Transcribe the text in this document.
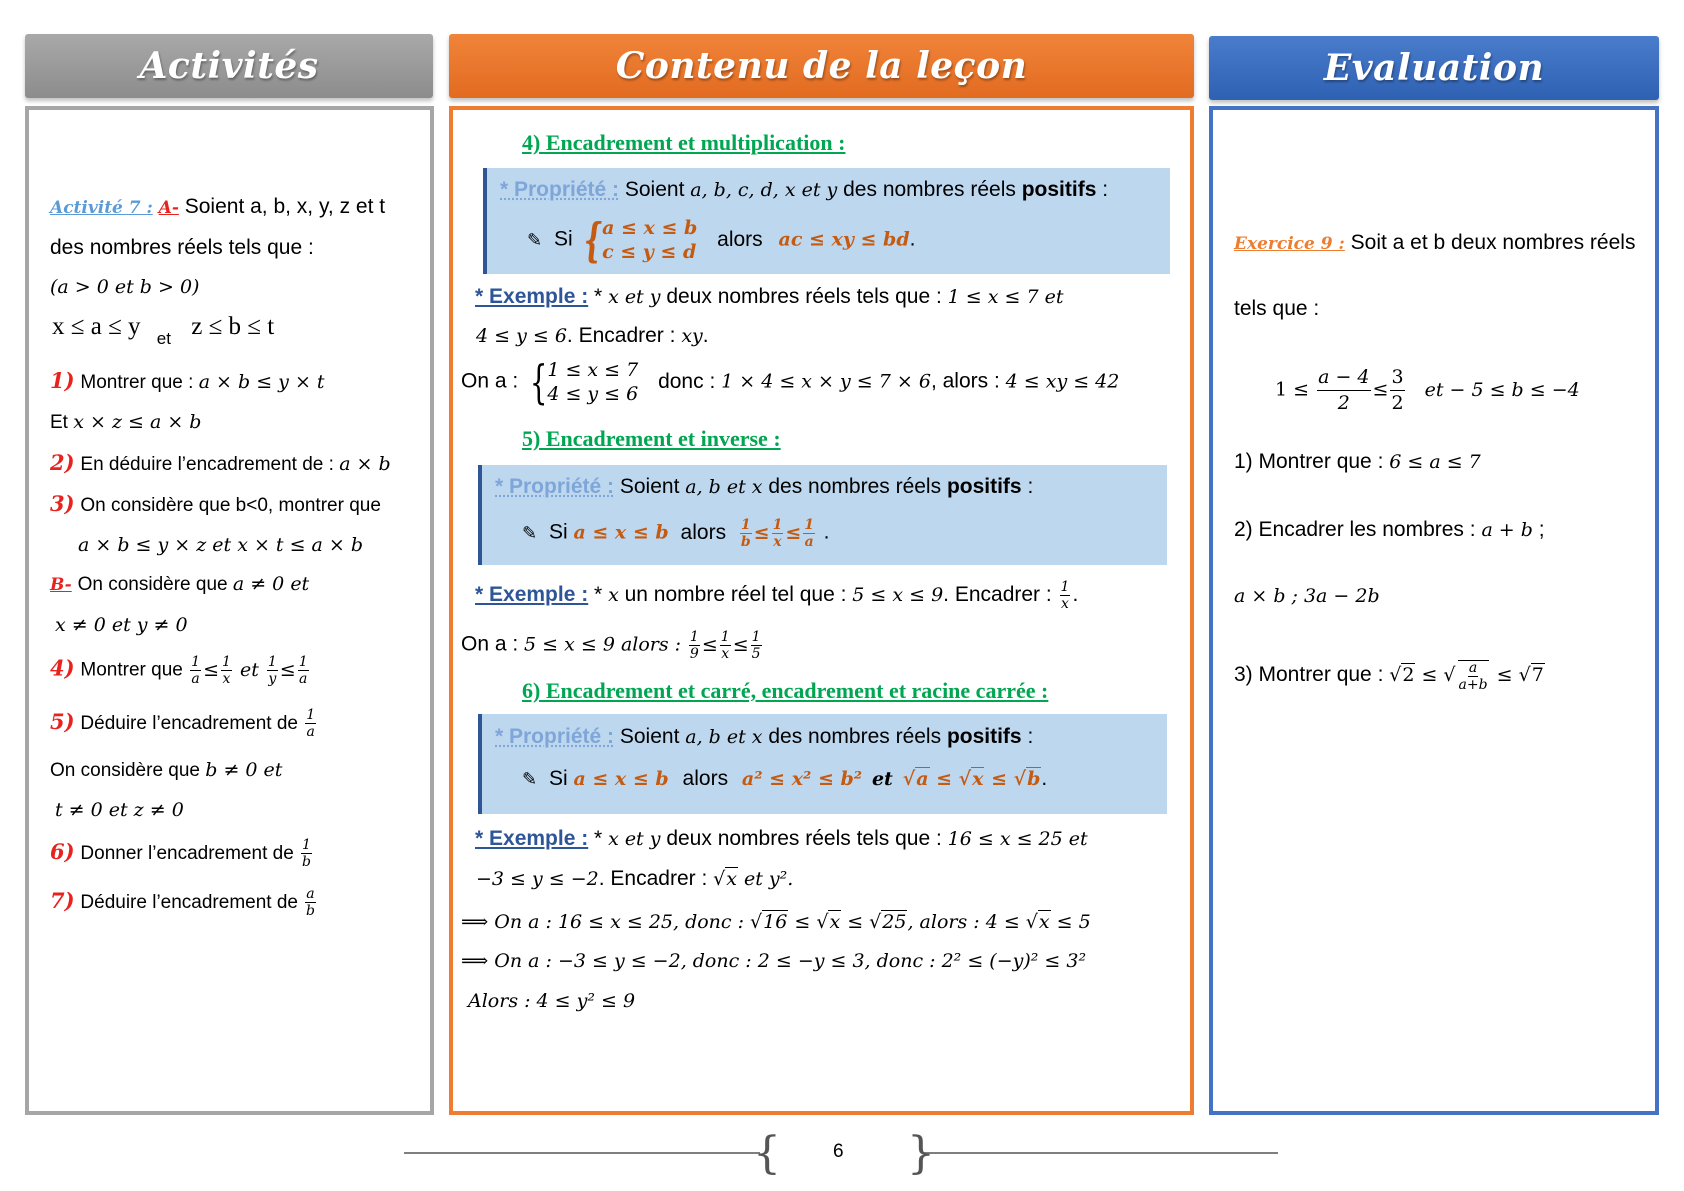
Activités	Contenu de la leçon	Evaluation
Activité 7 : A- Soient a, b, x, y, z et t
des nombres réels tels que :
(a > 0 et b > 0)
x ≤ a ≤ y $_{et}$ z ≤ b ≤ t
1) Montrer que : a × b ≤ y × t
Et x × z ≤ a × b
2) En déduire l’encadrement de : a × b
3) On considère que b<0, montrer que
a × b ≤ y × z et x × t ≤ a × b
B- On considère que a ≠ 0 et
x ≠ 0 et y ≠ 0
4) Montrer que $\frac{1}{a} \le \frac{1}{x}$ et $\frac{1}{y} \le \frac{1}{a}$
5) Déduire l’encadrement de $\frac{1}{a}$
On considère que b ≠ 0 et
t ≠ 0 et z ≠ 0
6) Donner l’encadrement de $\frac{1}{b}$
7) Déduire l’encadrement de $\frac{a}{b}$
4) Encadrement et multiplication :
* Propriété : Soient a, b, c, d, x et y des nombres réels positifs :
✎ Si { a ≤ x ≤ b
c ≤ y ≤ d
alors ac ≤ xy ≤ bd.
* Exemple : * x et y deux nombres réels tels que : 1 ≤ x ≤ 7 et
4 ≤ y ≤ 6. Encadrer : xy.
On a : { 1 ≤ x ≤ 7
4 ≤ y ≤ 6
donc : 1 × 4 ≤ x × y ≤ 7 × 6, alors : 4 ≤ xy ≤ 42
5) Encadrement et inverse :
* Propriété : Soient a, b et x des nombres réels positifs :
✎ Si a ≤ x ≤ b alors $\frac{1}{b} \le \frac{1}{x} \le \frac{1}{a}$ .
* Exemple : * x un nombre réel tel que : 5 ≤ x ≤ 9. Encadrer : $\frac{1}{x}$ .
On a : 5 ≤ x ≤ 9 alors : $\frac{1}{9} \le \frac{1}{x} \le \frac{1}{5}$
6) Encadrement et carré, encadrement et racine carrée :
* Propriété : Soient a, b et x des nombres réels positifs :
✎ Si a ≤ x ≤ b alors a² ≤ x² ≤ b² et √a ≤ √x ≤ √b.
* Exemple : * x et y deux nombres réels tels que : 16 ≤ x ≤ 25 et
−3 ≤ y ≤ −2. Encadrer : √x et y².
⟹ On a : 16 ≤ x ≤ 25, donc : √16 ≤ √x ≤ √25, alors : 4 ≤ √x ≤ 5
⟹ On a : −3 ≤ y ≤ −2, donc : 2 ≤ −y ≤ 3, donc : 2² ≤ (−y)² ≤ 3²
Alors : 4 ≤ y² ≤ 9
Exercice 9 : Soit a et b deux nombres réels
tels que :
$1 \le \frac{a - 4}{2} \le \frac{3}{2}$ et − 5 ≤ b ≤ −4
1) Montrer que : 6 ≤ a ≤ 7
2) Encadrer les nombres : a + b ;
a × b ; 3a − 2b
3) Montrer que : √2 ≤ √ $\frac{a}{a+b} \le √7$
{	}
6
